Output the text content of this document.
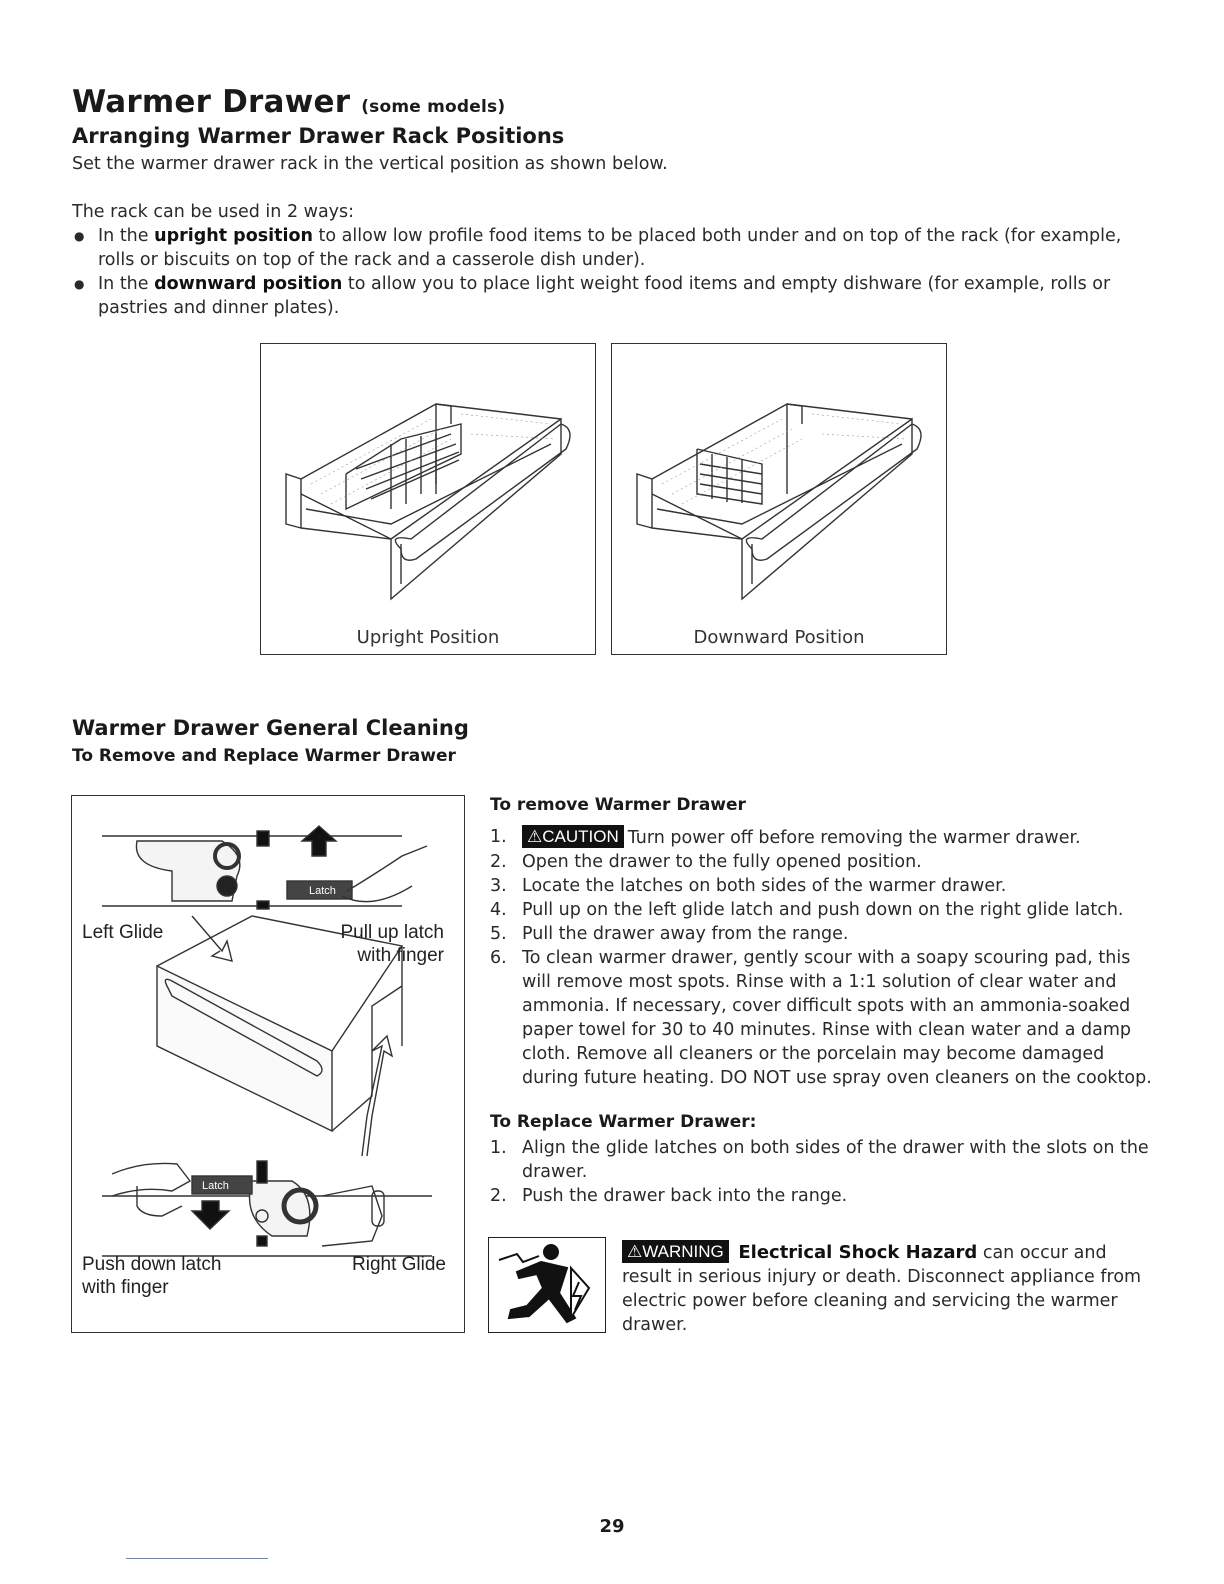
Warmer Drawer (some models)
Arranging Warmer Drawer Rack Positions
Set the warmer drawer rack in the vertical position as shown below.
The rack can be used in 2 ways:
● In the upright position to allow low profile food items to be placed both under and on top of the rack (for example, rolls or biscuits on top of the rack and a casserole dish under).
● In the downward position to allow you to place light weight food items and empty dishware (for example, rolls or pastries and dinner plates).
Upright Position	Downward Position
Warmer Drawer General Cleaning
To Remove and Replace Warmer Drawer
Latch
Latch
Left Glide	Pull up latch
with finger
Push down latch
with finger
Right Glide
To remove Warmer Drawer
1. ⚠CAUTION Turn power off before removing the warmer drawer.
2. Open the drawer to the fully opened position.
3. Locate the latches on both sides of the warmer drawer.
4. Pull up on the left glide latch and push down on the right glide latch.
5. Pull the drawer away from the range.
6. To clean warmer drawer, gently scour with a soapy scouring pad, this will remove most spots. Rinse with a 1:1 solution of clear water and ammonia. If necessary, cover difficult spots with an ammonia-soaked paper towel for 30 to 40 minutes. Rinse with clean water and a damp cloth. Remove all cleaners or the porcelain may become damaged during future heating. DO NOT use spray oven cleaners on the cooktop.
To Replace Warmer Drawer:
1. Align the glide latches on both sides of the drawer with the slots on the drawer.
2. Push the drawer back into the range.
⚠WARNING Electrical Shock Hazard can occur and result in serious injury or death. Disconnect appliance from electric power before cleaning and servicing the warmer drawer.
29
